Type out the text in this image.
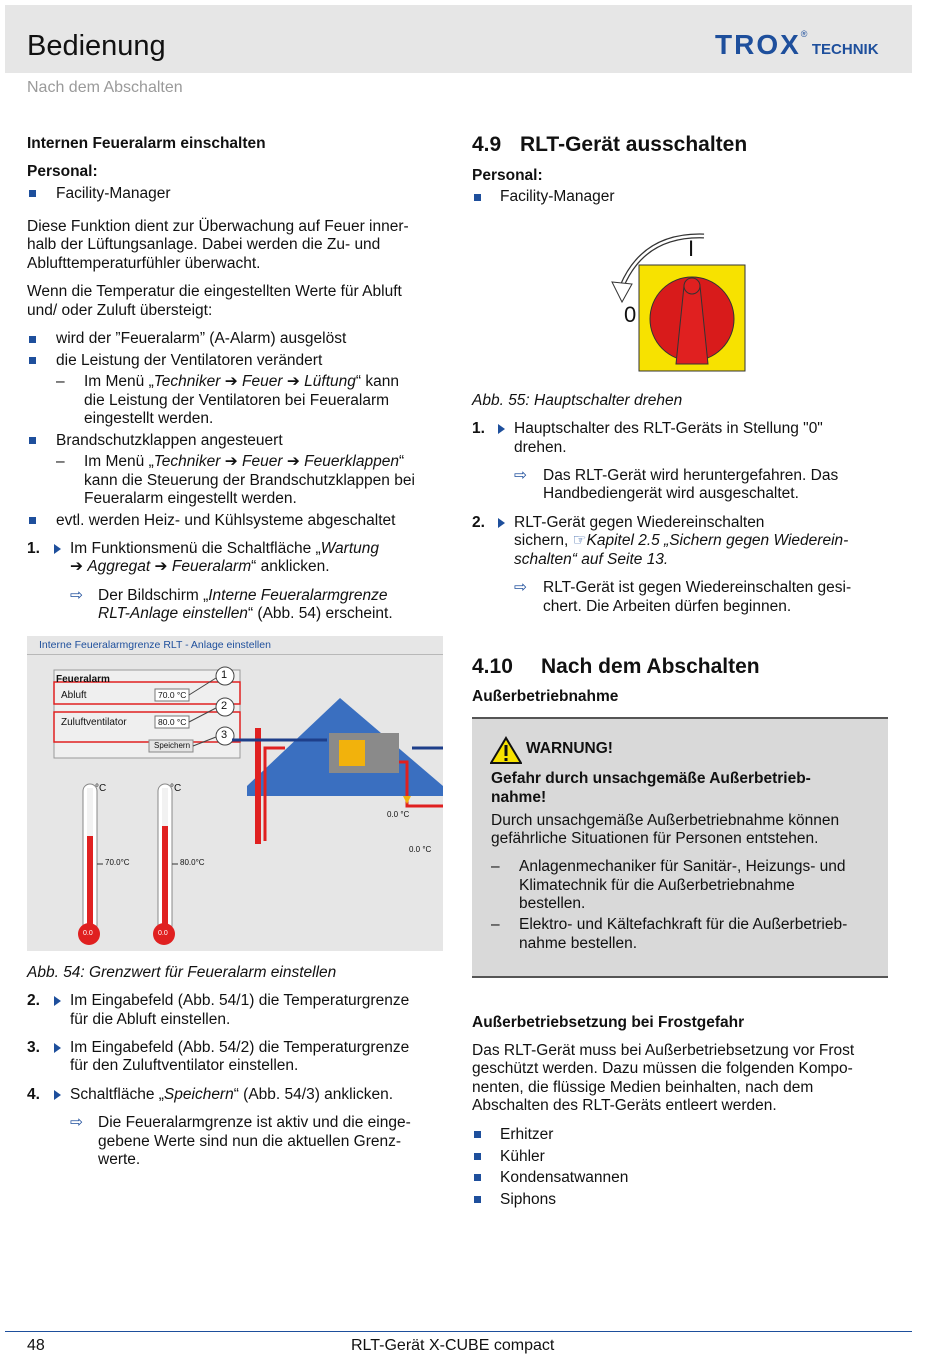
Bedienung
Nach dem Abschalten
TROX® TECHNIK
Internen Feueralarm einschalten
Personal:
Facility-Manager
Diese Funktion dient zur Überwachung auf Feuer inner-
halb der Lüftungsanlage. Dabei werden die Zu- und
Ablufttemperaturfühler überwacht.
Wenn die Temperatur die eingestellten Werte für Abluft
und/ oder Zuluft übersteigt:
wird der ”Feueralarm” (A-Alarm) ausgelöst
die Leistung der Ventilatoren verändert
– Im Menü „Techniker ➔ Feuer ➔ Lüftung“ kann
die Leistung der Ventilatoren bei Feueralarm
eingestellt werden.
Brandschutzklappen angesteuert
– Im Menü „Techniker ➔ Feuer ➔ Feuerklappen“
kann die Steuerung der Brandschutzklappen bei
Feueralarm eingestellt werden.
evtl. werden Heiz- und Kühlsysteme abgeschaltet
1. Im Funktionsmenü die Schaltfläche „Wartung
➔ Aggregat ➔ Feueralarm“ anklicken.
⇨ Der Bildschirm „Interne Feueralarmgrenze
RLT-Anlage einstellen“ (Abb. 54) erscheint.
Interne Feueralarmgrenze RLT - Anlage einstellen
Feueralarm
Abluft	70.0 °C
Zuluftventilator	80.0 °C
Speichern
1
2
3
°C
70.0°C
0.0
°C
80.0°C
0.0
0.0 °C
0.0 °C
Abb. 54: Grenzwert für Feueralarm einstellen
2. Im Eingabefeld (Abb. 54/1) die Temperaturgrenze
für die Abluft einstellen.
3. Im Eingabefeld (Abb. 54/2) die Temperaturgrenze
für den Zuluftventilator einstellen.
4. Schaltfläche „Speichern“ (Abb. 54/3) anklicken.
⇨ Die Feueralarmgrenze ist aktiv und die einge-
gebene Werte sind nun die aktuellen Grenz-
werte.
4.9 RLT-Gerät ausschalten
Personal:
Facility-Manager
I
0
Abb. 55: Hauptschalter drehen
1. Hauptschalter des RLT-Geräts in Stellung "0"
drehen.
⇨ Das RLT-Gerät wird heruntergefahren. Das
Handbediengerät wird ausgeschaltet.
2. RLT-Gerät gegen Wiedereinschalten
sichern, ☞Kapitel 2.5 „Sichern gegen Wiederein-
schalten“ auf Seite 13.
⇨ RLT-Gerät ist gegen Wiedereinschalten gesi-
chert. Die Arbeiten dürfen beginnen.
4.10 Nach dem Abschalten
Außerbetriebnahme
WARNUNG!
Gefahr durch unsachgemäße Außerbetrieb-
nahme!
Durch unsachgemäße Außerbetriebnahme können
gefährliche Situationen für Personen entstehen.
– Anlagenmechaniker für Sanitär-, Heizungs- und
Klimatechnik für die Außerbetriebnahme
bestellen.
– Elektro- und Kältefachkraft für die Außerbetrieb-
nahme bestellen.
Außerbetriebsetzung bei Frostgefahr
Das RLT-Gerät muss bei Außerbetriebsetzung vor Frost
geschützt werden. Dazu müssen die folgenden Kompo-
nenten, die flüssige Medien beinhalten, nach dem
Abschalten des RLT-Geräts entleert werden.
Erhitzer
Kühler
Kondensatwannen
Siphons
48	RLT-Gerät X-CUBE compact
